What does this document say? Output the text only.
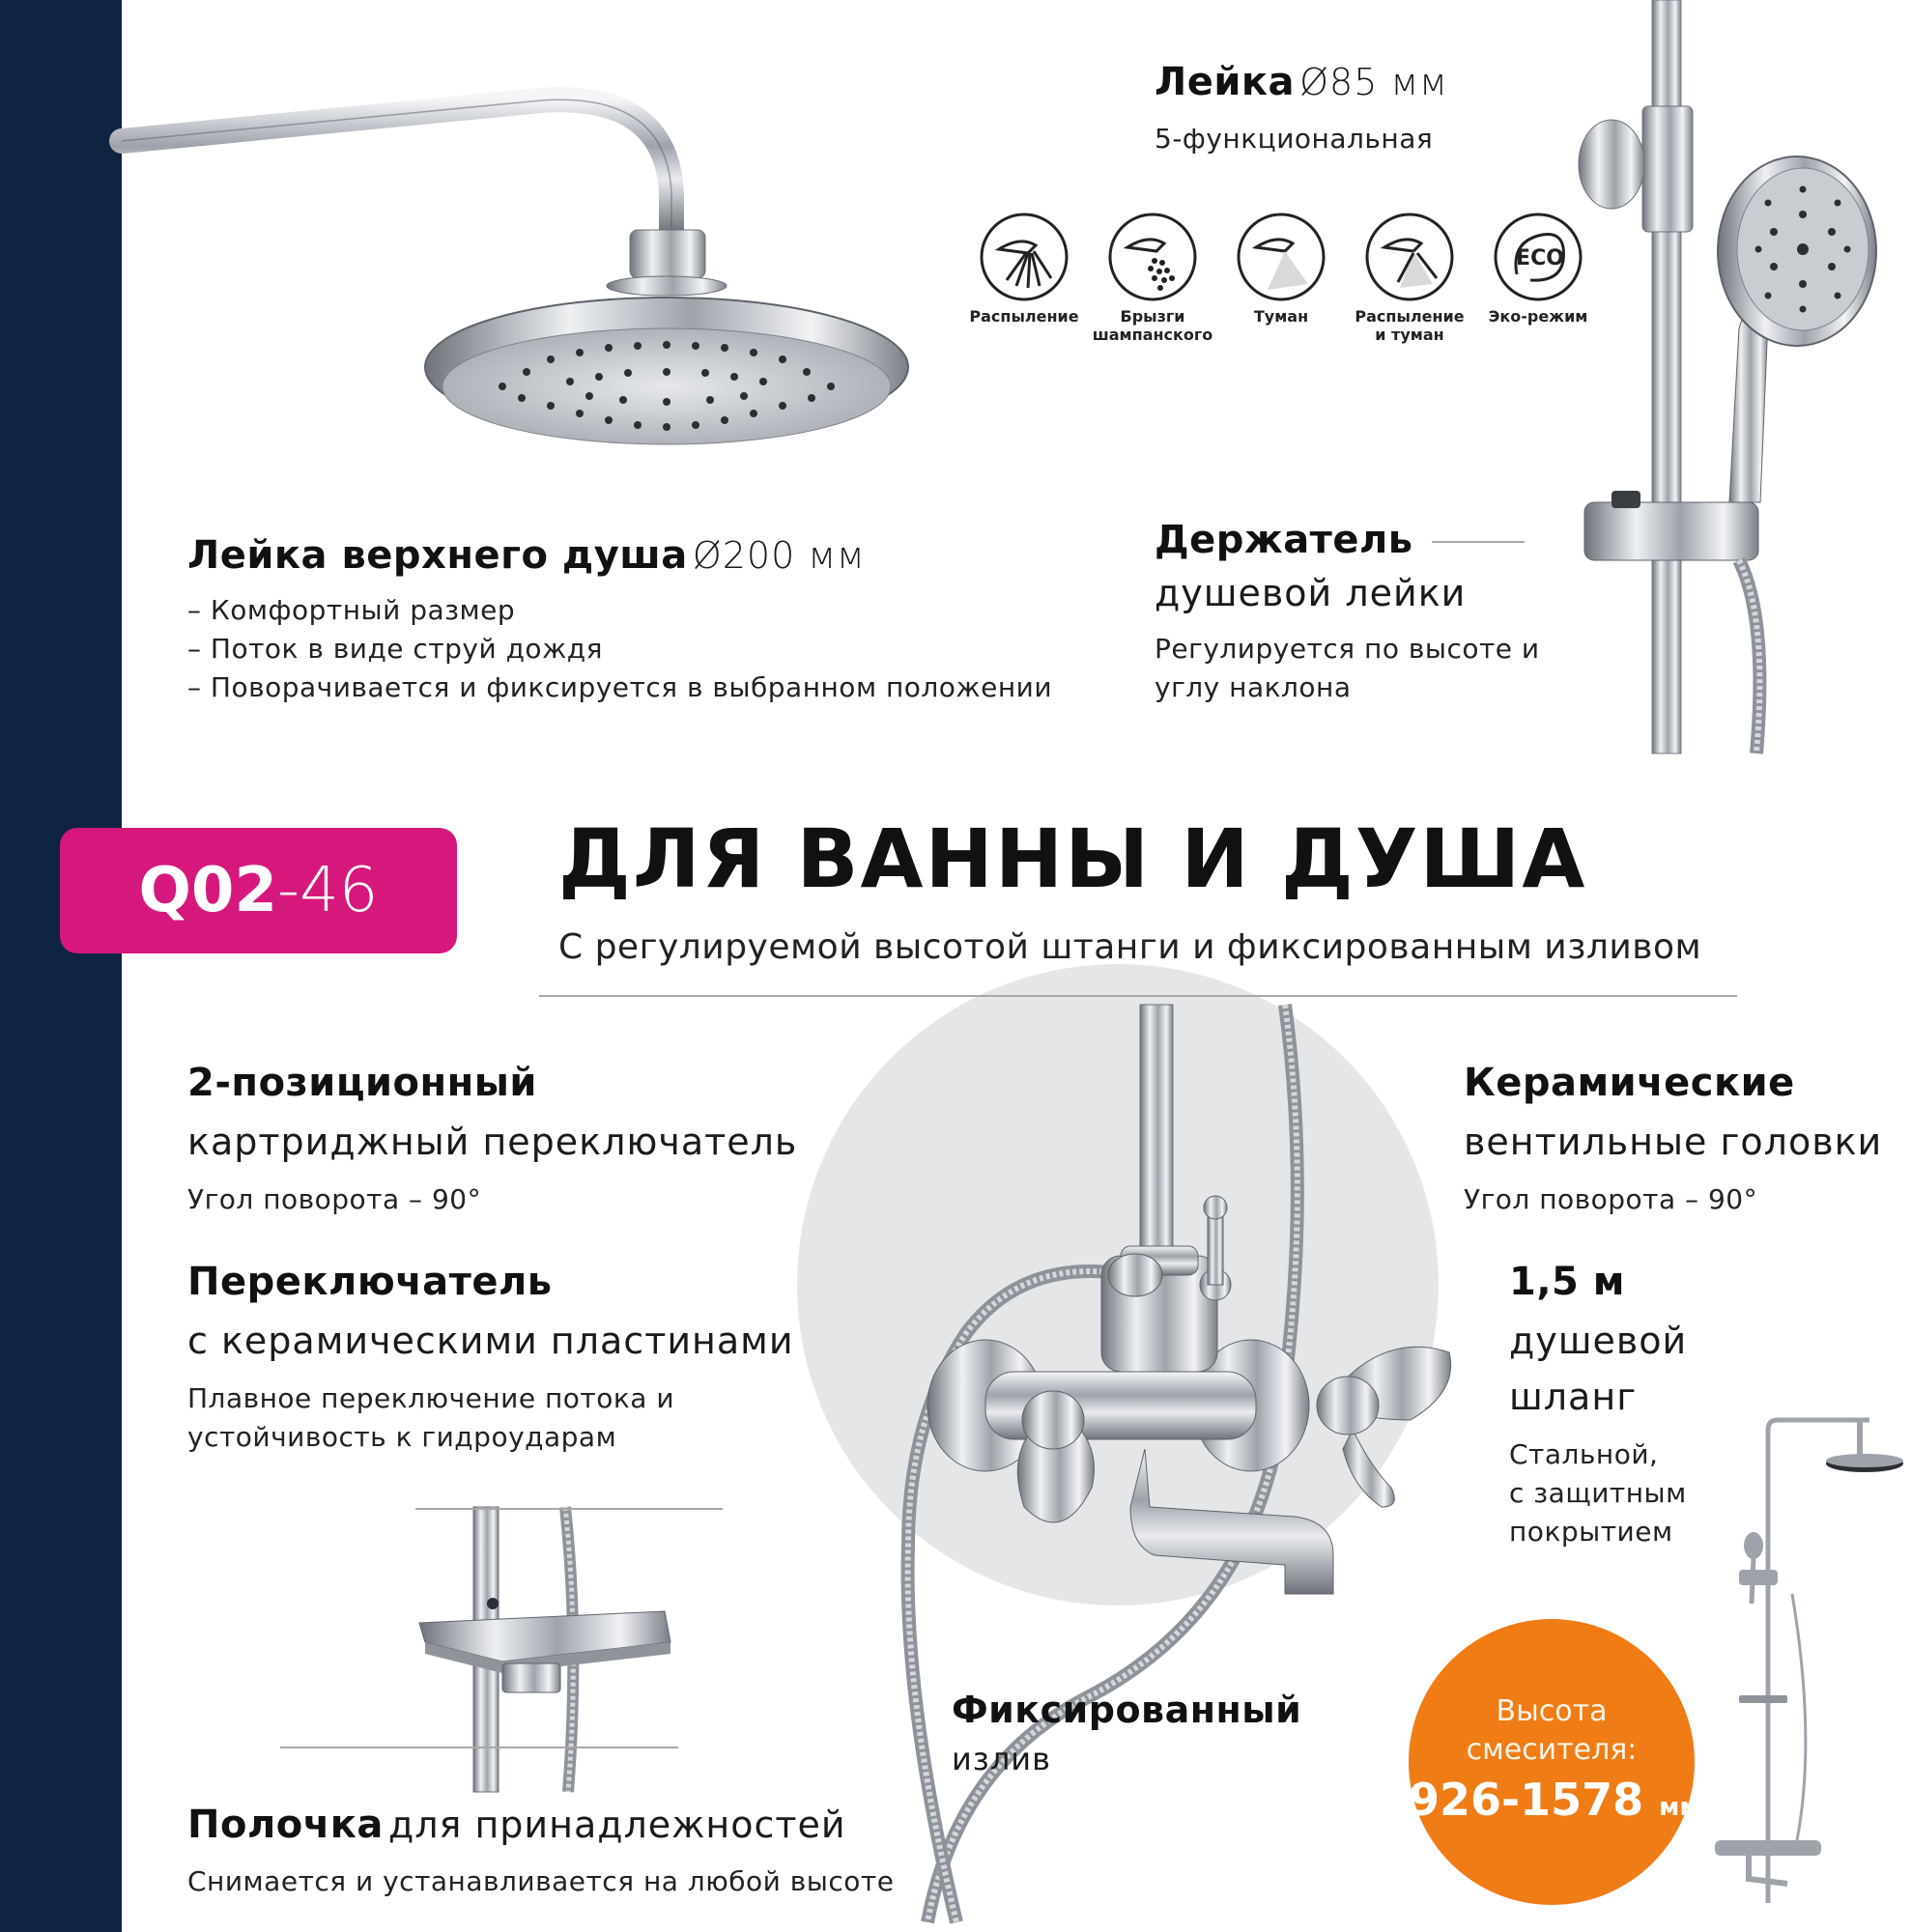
Лейка Ø85 мм
5-функциональная
Распыление	Брызги
шампанского
Туман	Распыление
и туман
ECO
Эко-режим
Лейка верхнего душа Ø200 мм
– Комфортный размер
– Поток в виде струй дождя
– Поворачивается и фиксируется в выбранном положении
Держатель
душевой лейки
Регулируется по высоте и
углу наклона
Q02-46	ДЛЯ ВАННЫ И ДУША
С регулируемой высотой штанги и фиксированным изливом
2-позиционный
картриджный переключатель
Угол поворота – 90°
Переключатель
с керамическими пластинами
Плавное переключение потока и
устойчивость к гидроударам
Полочка для принадлежностей
Снимается и устанавливается на любой высоте
Керамические
вентильные головки
Угол поворота – 90°
1,5 м
душевой
шланг
Стальной,
с защитным
покрытием
Фиксированный
излив
Высота
смесителя:
926-1578 мм
